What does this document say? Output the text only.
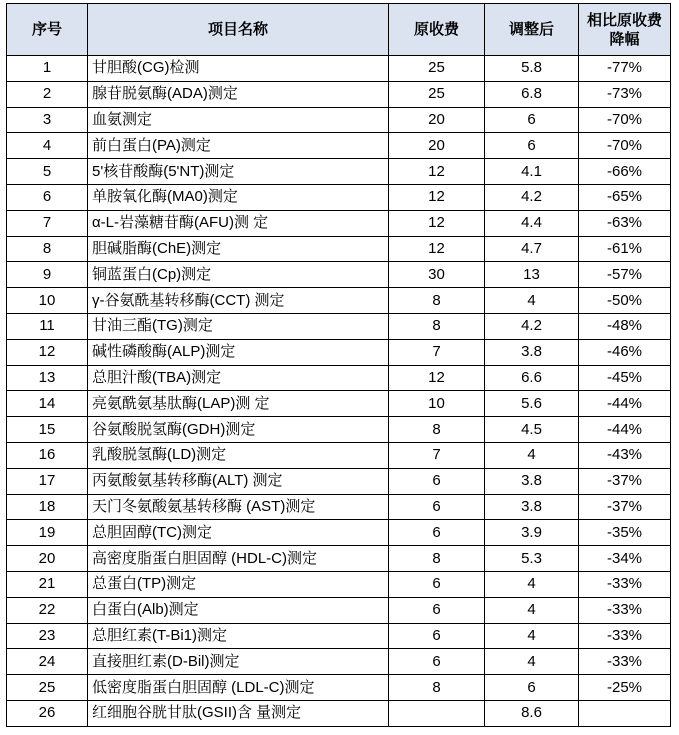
序号	项目名称	原收费	调整后	相比原收费
降幅

1	甘胆酸(CG)检测	25	5.8	-77%
2	腺苷脱氨酶(ADA)测定	25	6.8	-73%
3	血氨测定	20	6	-70%
4	前白蛋白(PA)测定	20	6	-70%
5	5'核苷酸酶(5'NT)测定	12	4.1	-66%
6	单胺氧化酶(MA0)测定	12	4.2	-65%
7	α-L-岩藻糖苷酶(AFU)测 定	12	4.4	-63%
8	胆碱脂酶(ChE)测定	12	4.7	-61%
9	铜蓝蛋白(Cp)测定	30	13	-57%
10	γ-谷氨酰基转移酶(CCT) 测定	8	4	-50%
11	甘油三酯(TG)测定	8	4.2	-48%
12	碱性磷酸酶(ALP)测定	7	3.8	-46%
13	总胆汁酸(TBA)测定	12	6.6	-45%
14	亮氨酰氨基肽酶(LAP)测 定	10	5.6	-44%
15	谷氨酸脱氢酶(GDH)测定	8	4.5	-44%
16	乳酸脱氢酶(LD)测定	7	4	-43%
17	丙氨酸氨基转移酶(ALT) 测定	6	3.8	-37%
18	天门冬氨酸氨基转移酶 (AST)测定	6	3.8	-37%
19	总胆固醇(TC)测定	6	3.9	-35%
20	高密度脂蛋白胆固醇 (HDL-C)测定	8	5.3	-34%
21	总蛋白(TP)测定	6	4	-33%
22	白蛋白(Alb)测定	6	4	-33%
23	总胆红素(T-Bi1)测定	6	4	-33%
24	直接胆红素(D-Bil)测定	6	4	-33%
25	低密度脂蛋白胆固醇 (LDL-C)测定	8	6	-25%
26	红细胞谷胱甘肽(GSII)含 量测定		8.6	
